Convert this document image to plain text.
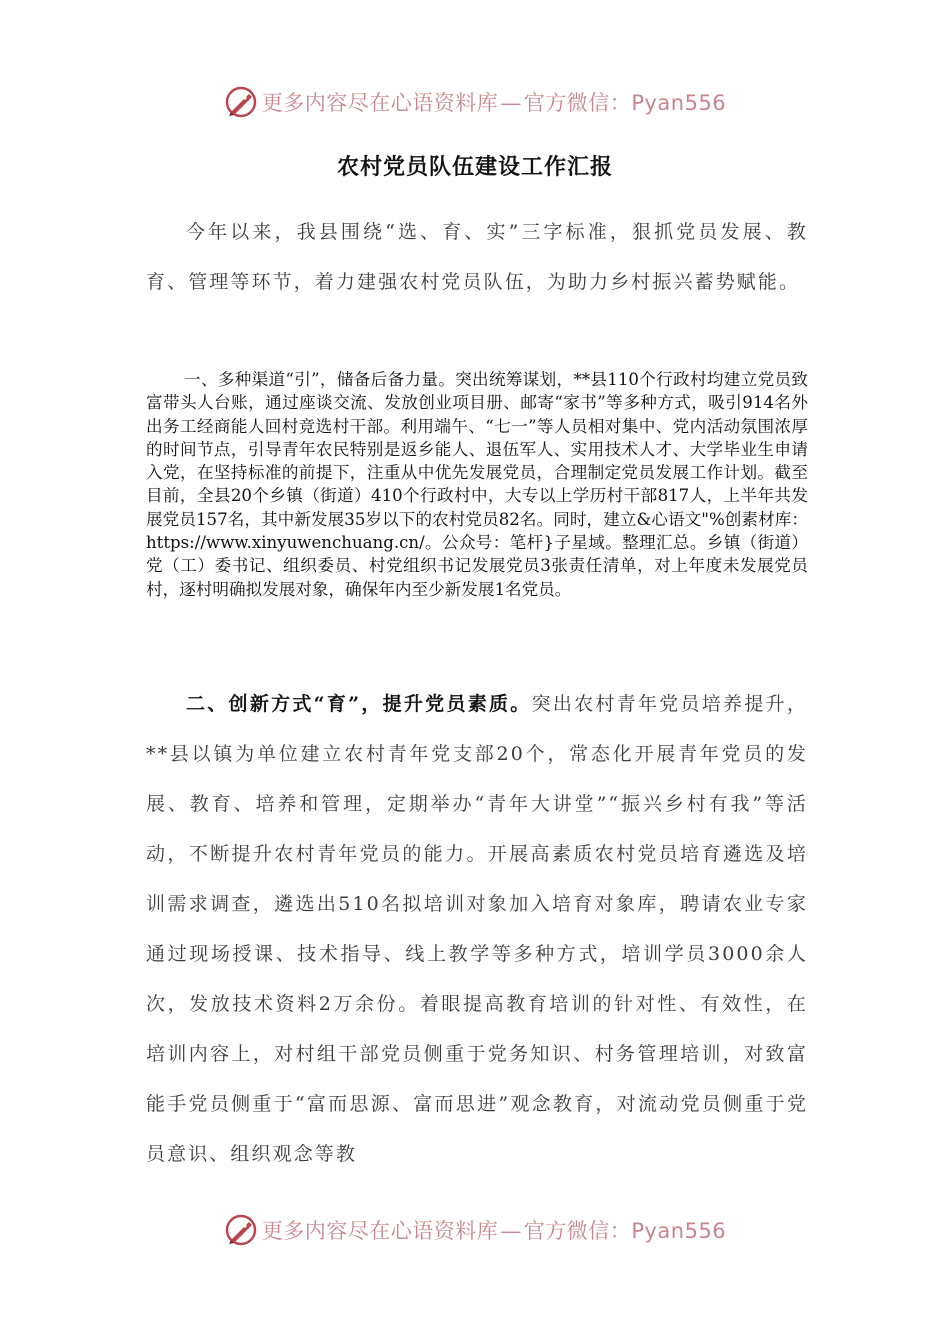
更多内容尽在心语资料库—官方微信：Pyan556
农村党员队伍建设工作汇报

今年以来，我县围绕“选、育、实”三字标准，狠抓党员发展、教育、管理等环节，着力建强农村党员队伍，为助力乡村振兴蓄势赋能。

一、多种渠道“引”，储备后备力量。突出统筹谋划，**县110个行政村均建立党员致富带头人台账，通过座谈交流、发放创业项目册、邮寄“家书”等多种方式，吸引914名外出务工经商能人回村竞选村干部。利用端午、“七一”等人员相对集中、党内活动氛围浓厚的时间节点，引导青年农民特别是返乡能人、退伍军人、实用技术人才、大学毕业生申请入党，在坚持标准的前提下，注重从中优先发展党员，合理制定党员发展工作计划。截至目前，全县20个乡镇（街道）410个行政村中，大专以上学历村干部817人，上半年共发展党员157名，其中新发展35岁以下的农村党员82名。同时，建立&心语文"%创素材库：https://www.xinyuwenchuang.cn/。公众号：笔杆}子星域。整理汇总。乡镇（街道）党（工）委书记、组织委员、村党组织书记发展党员3张责任清单，对上年度未发展党员村，逐村明确拟发展对象，确保年内至少新发展1名党员。

二、创新方式“育”，提升党员素质。突出农村青年党员培养提升，**县以镇为单位建立农村青年党支部20个，常态化开展青年党员的发展、教育、培养和管理，定期举办“青年大讲堂”“振兴乡村有我”等活动，不断提升农村青年党员的能力。开展高素质农村党员培育遴选及培训需求调查，遴选出510名拟培训对象加入培育对象库，聘请农业专家通过现场授课、技术指导、线上教学等多种方式，培训学员3000余人次，发放技术资料2万余份。着眼提高教育培训的针对性、有效性，在培训内容上，对村组干部党员侧重于党务知识、村务管理培训，对致富能手党员侧重于“富而思源、富而思进”观念教育，对流动党员侧重于党员意识、组织观念等教

更多内容尽在心语资料库—官方微信：Pyan556
